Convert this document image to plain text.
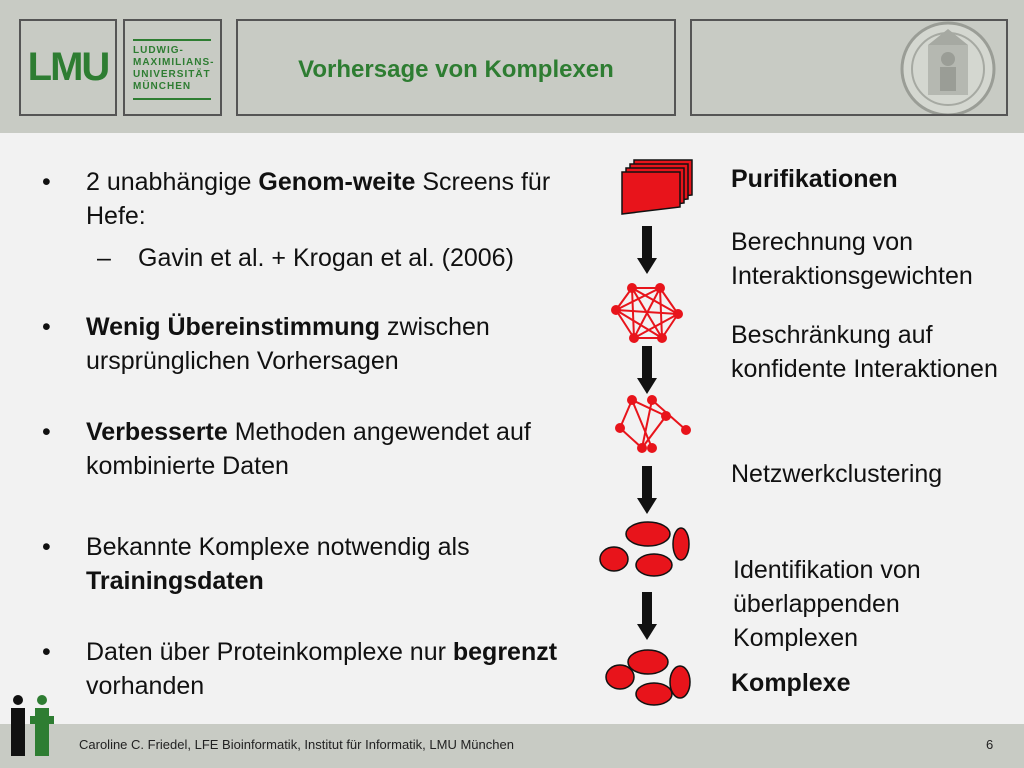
LMU LUDWIG-
MAXIMILIANS-
UNIVERSITÄT
MÜNCHEN
Vorhersage von Komplexen
• 2 unabhängige Genom-weite Screens für Hefe:
– Gavin et al. + Krogan et al. (2006)
• Wenig Übereinstimmung zwischen ursprünglichen Vorhersagen
• Verbesserte Methoden angewendet auf kombinierte Daten
• Bekannte Komplexe notwendig als Trainingsdaten
• Daten über Proteinkomplexe nur begrenzt vorhanden
Purifikationen
Berechnung von Interaktionsgewichten
Beschränkung auf konfidente Interaktionen
Netzwerkclustering
Identifikation von überlappenden Komplexen
Komplexe
Caroline C. Friedel, LFE Bioinformatik, Institut für Informatik, LMU München	6
